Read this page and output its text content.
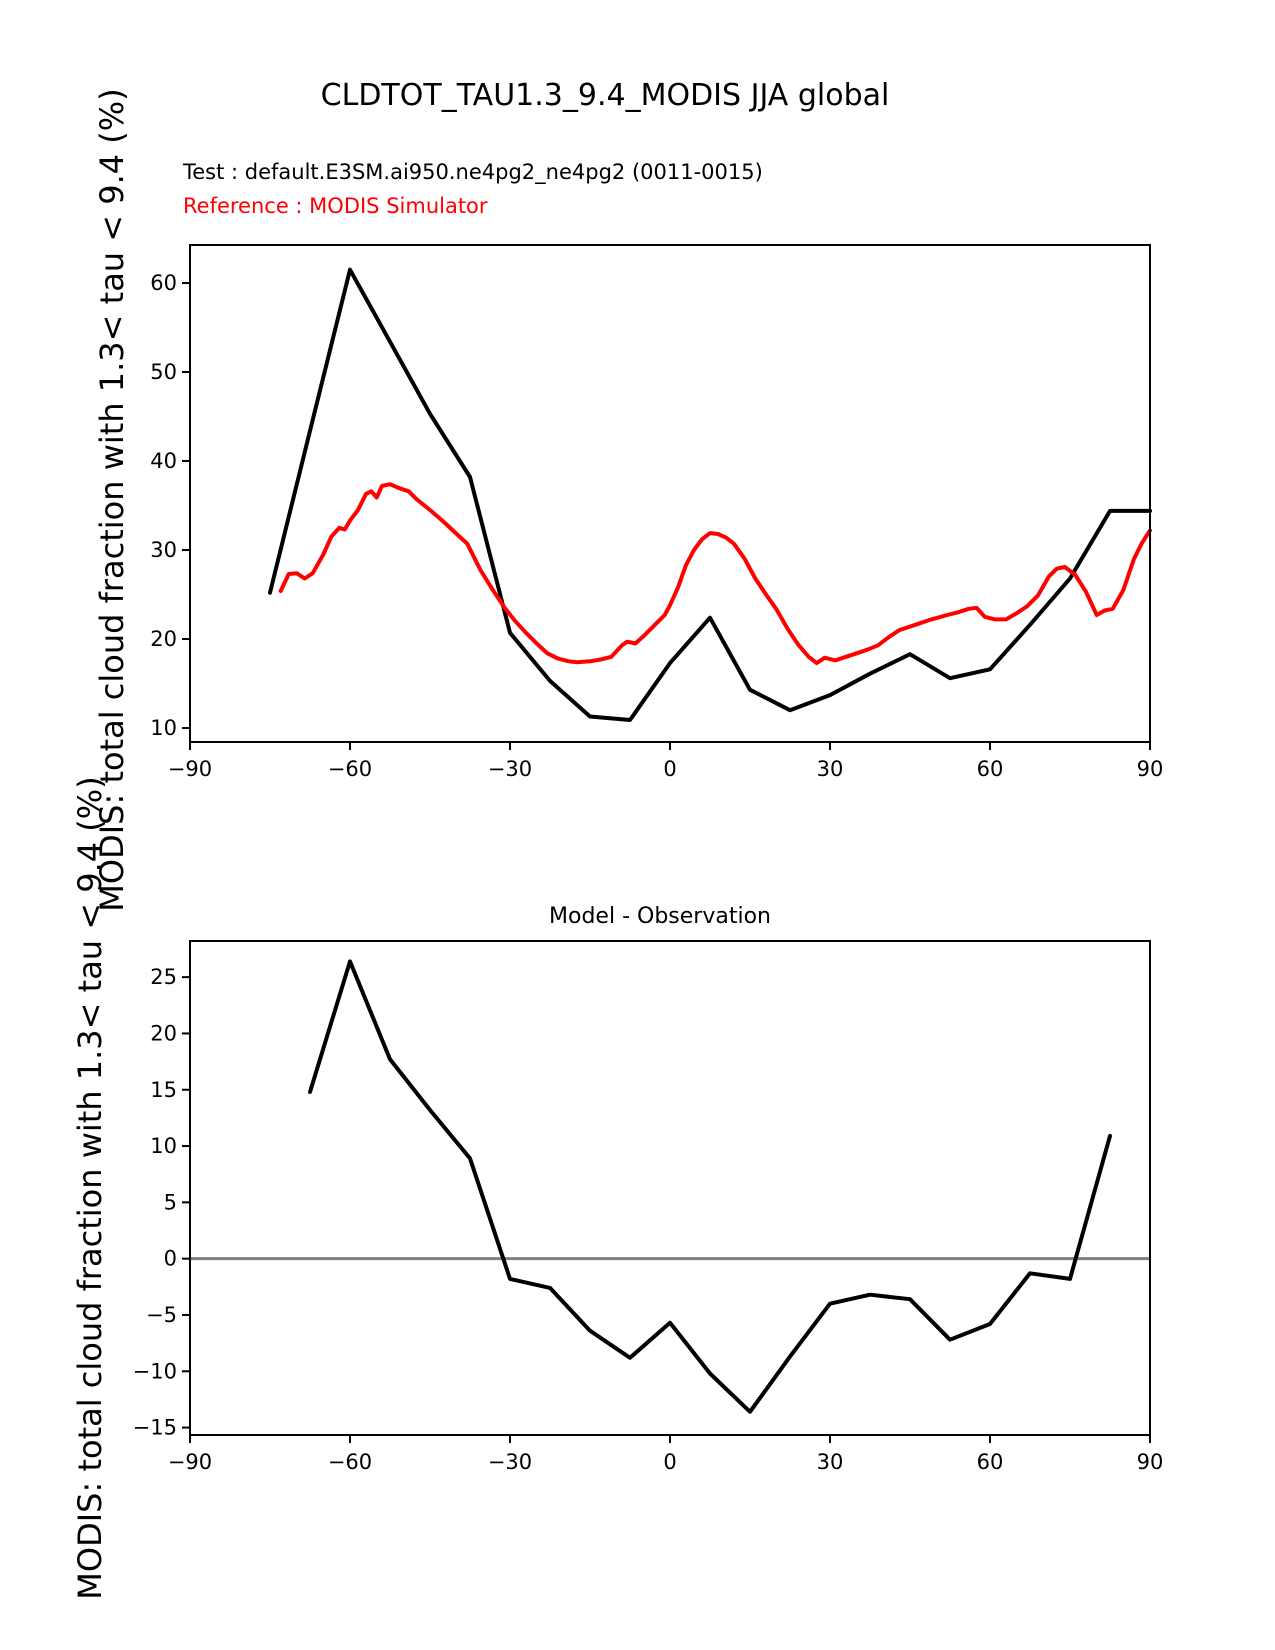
CLDTOT_TAU1.3_9.4_MODIS JJA global
Test : default.E3SM.ai950.ne4pg2_ne4pg2 (0011-0015)
Reference : MODIS Simulator
MODIS: total cloud fraction with 1.3< tau < 9.4 (%)
MODIS: total cloud fraction with 1.3< tau < 9.4 (%)	Model - Observation
−90	−60	−30	0	30	60	90
10
20
30
40
50
60
−90	−60	−30	0	30	60	90
25
20
15
10
5
0
−5
−10
−15
